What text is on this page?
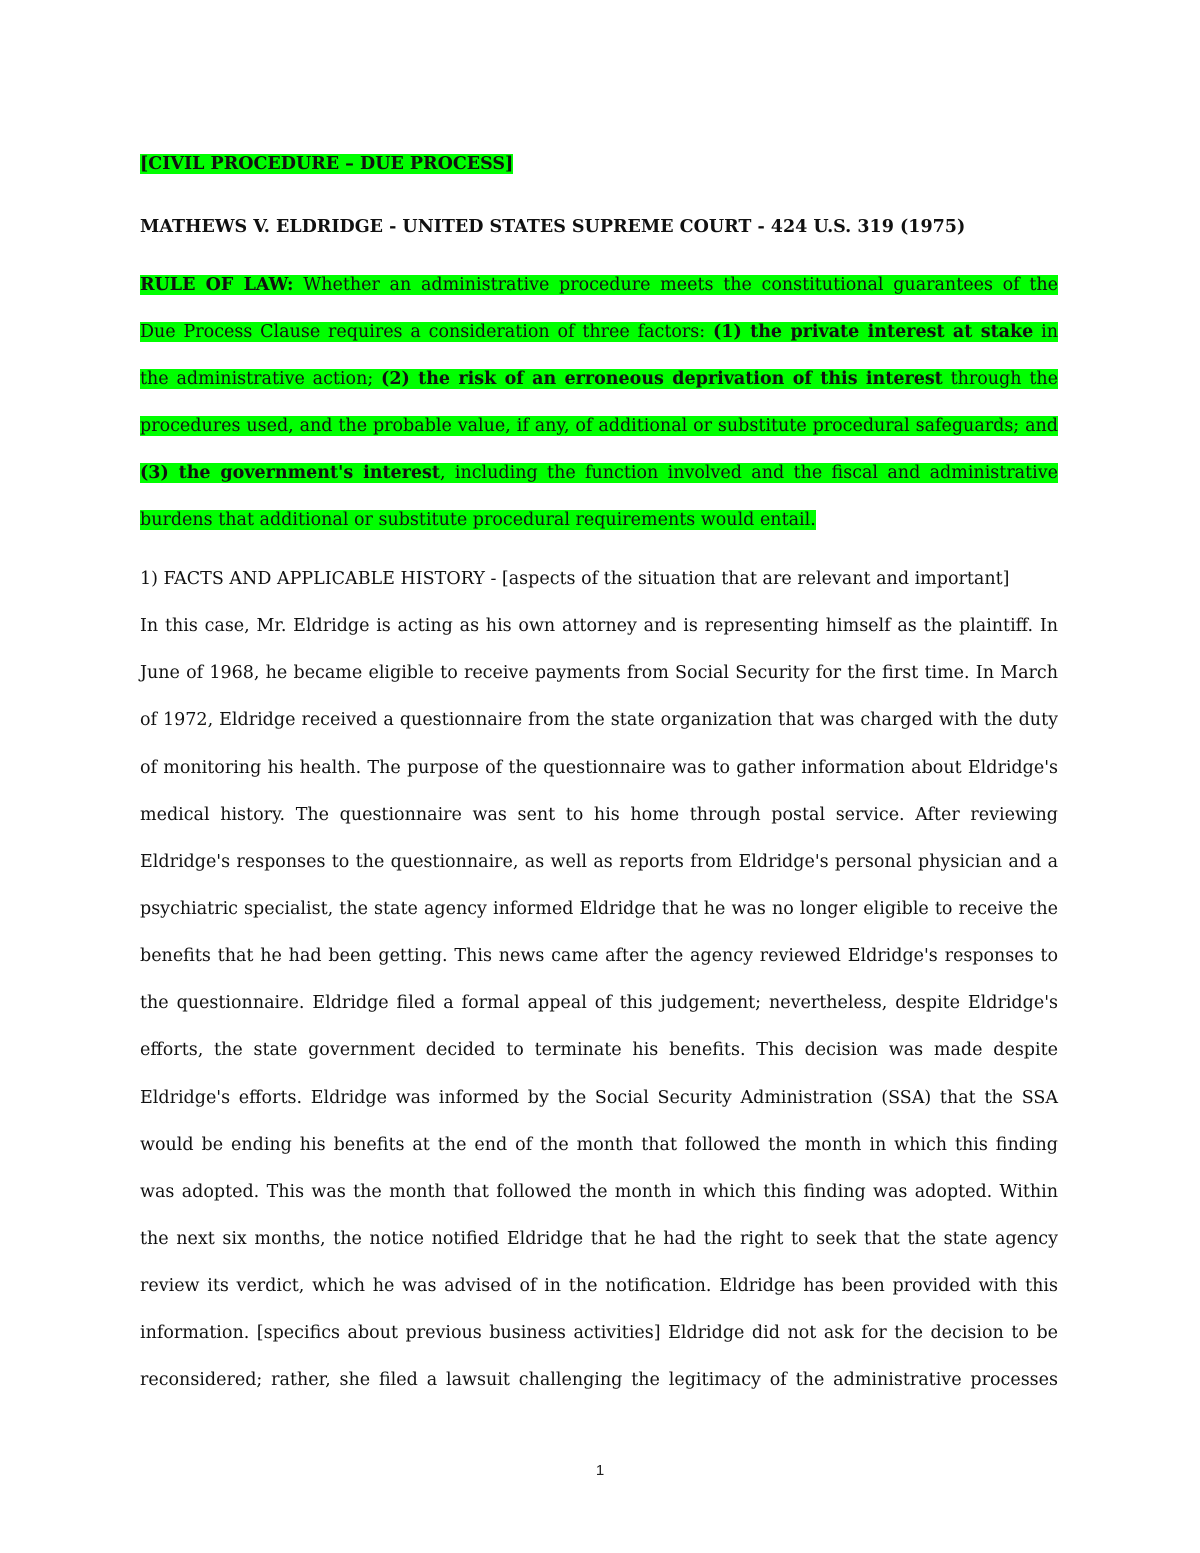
[CIVIL PROCEDURE – DUE PROCESS]

MATHEWS V. ELDRIDGE - UNITED STATES SUPREME COURT - 424 U.S. 319 (1975)

RULE OF LAW: Whether an administrative procedure meets the constitutional guarantees of the

Due Process Clause requires a consideration of three factors: (1) the private interest at stake in

the administrative action; (2) the risk of an erroneous deprivation of this interest through the

procedures used, and the probable value, if any, of additional or substitute procedural safeguards; and

(3) the government's interest, including the function involved and the fiscal and administrative

burdens that additional or substitute procedural requirements would entail.

1) FACTS AND APPLICABLE HISTORY - [aspects of the situation that are relevant and important]

In this case, Mr. Eldridge is acting as his own attorney and is representing himself as the plaintiff. In

June of 1968, he became eligible to receive payments from Social Security for the first time. In March

of 1972, Eldridge received a questionnaire from the state organization that was charged with the duty

of monitoring his health. The purpose of the questionnaire was to gather information about Eldridge's

medical history. The questionnaire was sent to his home through postal service. After reviewing

Eldridge's responses to the questionnaire, as well as reports from Eldridge's personal physician and a

psychiatric specialist, the state agency informed Eldridge that he was no longer eligible to receive the

benefits that he had been getting. This news came after the agency reviewed Eldridge's responses to

the questionnaire. Eldridge filed a formal appeal of this judgement; nevertheless, despite Eldridge's

efforts, the state government decided to terminate his benefits. This decision was made despite

Eldridge's efforts. Eldridge was informed by the Social Security Administration (SSA) that the SSA

would be ending his benefits at the end of the month that followed the month in which this finding

was adopted. This was the month that followed the month in which this finding was adopted. Within

the next six months, the notice notified Eldridge that he had the right to seek that the state agency

review its verdict, which he was advised of in the notification. Eldridge has been provided with this

information. [specifics about previous business activities] Eldridge did not ask for the decision to be

reconsidered; rather, she filed a lawsuit challenging the legitimacy of the administrative processes

1
